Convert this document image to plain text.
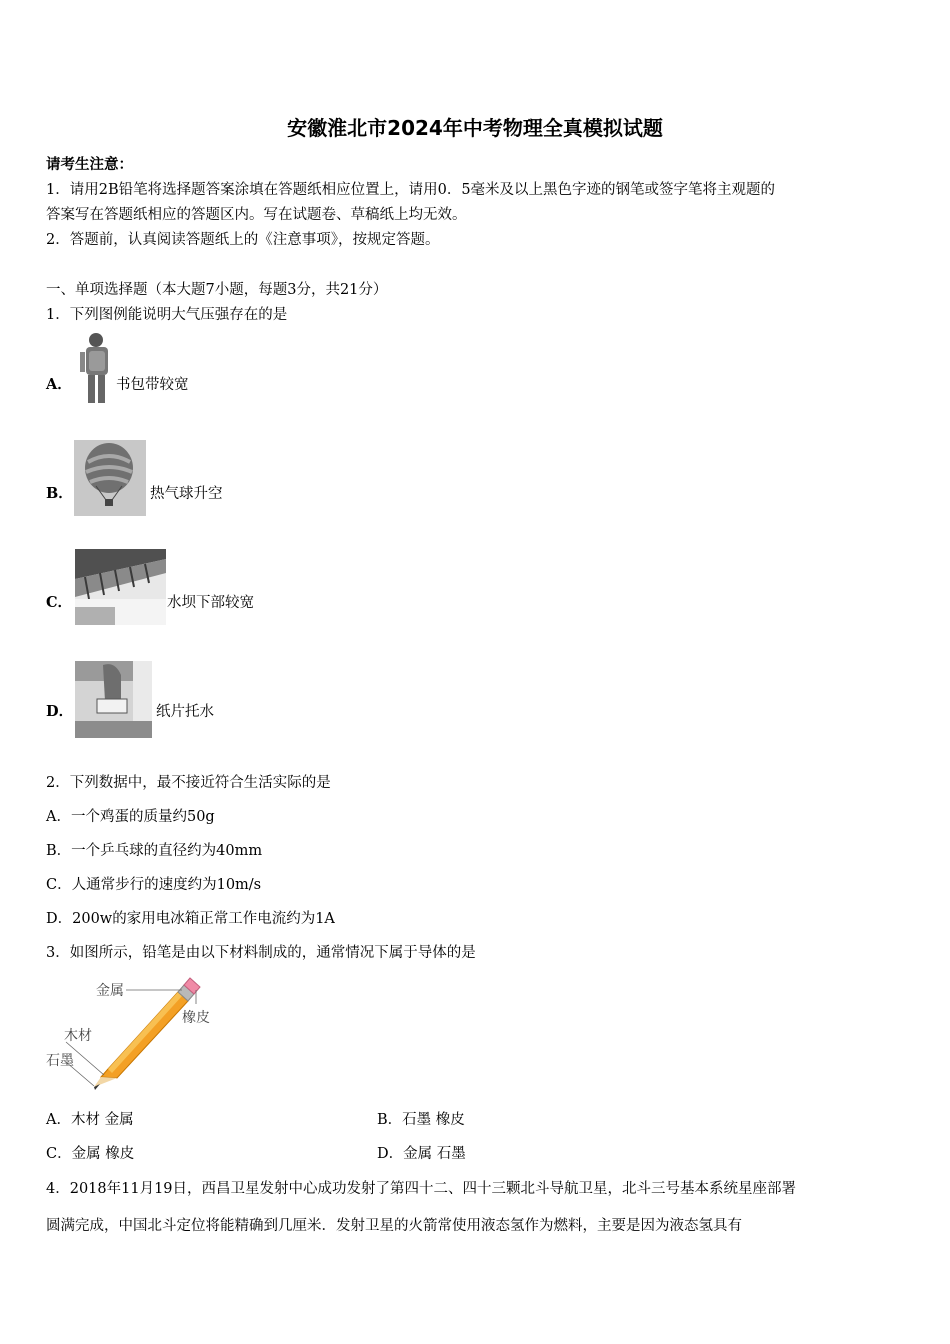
安徽淮北市2024年中考物理全真模拟试题
请考生注意：
1．请用2B铅笔将选择题答案涂填在答题纸相应位置上，请用0．5毫米及以上黑色字迹的钢笔或签字笔将主观题的
答案写在答题纸相应的答题区内。写在试题卷、草稿纸上均无效。
2．答题前，认真阅读答题纸上的《注意事项》，按规定答题。
一、单项选择题（本大题7小题，每题3分，共21分）
1．下列图例能说明大气压强存在的是
A．	书包带较宽
B．	热气球升空
C．	水坝下部较宽
D．	纸片托水
2．下列数据中，最不接近符合生活实际的是
A．一个鸡蛋的质量约50g
B．一个乒乓球的直径约为40mm
C．人通常步行的速度约为10m/s
D．200w的家用电冰箱正常工作电流约为1A
3．如图所示，铅笔是由以下材料制成的，通常情况下属于导体的是
金属
橡皮
木材
石墨
A．木材 金属	B．石墨 橡皮
C．金属 橡皮	D．金属 石墨
4．2018年11月19日，西昌卫星发射中心成功发射了第四十二、四十三颗北斗导航卫星，北斗三号基本系统星座部署
圆满完成，中国北斗定位将能精确到几厘米．发射卫星的火箭常使用液态氢作为燃料，主要是因为液态氢具有
